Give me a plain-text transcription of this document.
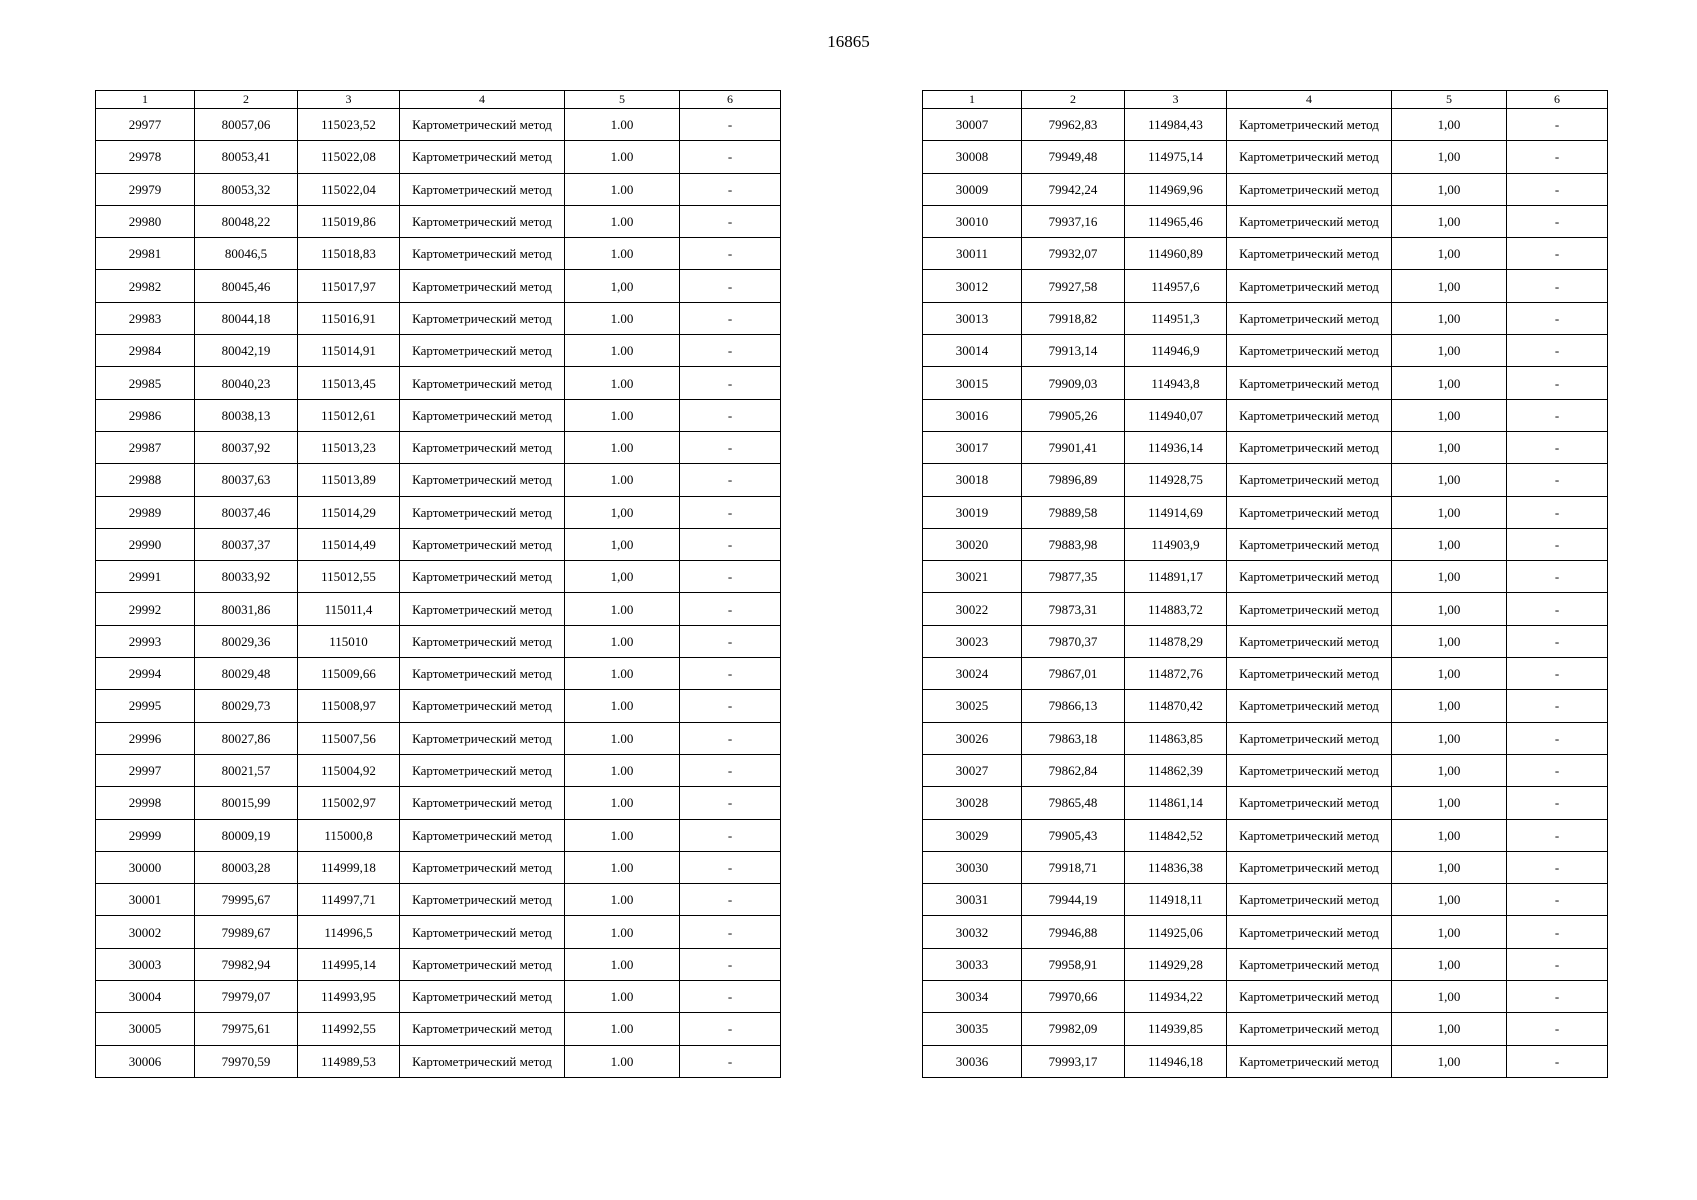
16865
1	2	3	4	5	6
29977	80057,06	115023,52	Картометрический метод	1.00	-
29978	80053,41	115022,08	Картометрический метод	1.00	-
29979	80053,32	115022,04	Картометрический метод	1.00	-
29980	80048,22	115019,86	Картометрический метод	1.00	-
29981	80046,5	115018,83	Картометрический метод	1.00	-
29982	80045,46	115017,97	Картометрический метод	1,00	-
29983	80044,18	115016,91	Картометрический метод	1.00	-
29984	80042,19	115014,91	Картометрический метод	1.00	-
29985	80040,23	115013,45	Картометрический метод	1.00	-
29986	80038,13	115012,61	Картометрический метод	1.00	-
29987	80037,92	115013,23	Картометрический метод	1.00	-
29988	80037,63	115013,89	Картометрический метод	1.00	-
29989	80037,46	115014,29	Картометрический метод	1,00	-
29990	80037,37	115014,49	Картометрический метод	1,00	-
29991	80033,92	115012,55	Картометрический метод	1,00	-
29992	80031,86	115011,4	Картометрический метод	1.00	-
29993	80029,36	115010	Картометрический метод	1.00	-
29994	80029,48	115009,66	Картометрический метод	1.00	-
29995	80029,73	115008,97	Картометрический метод	1.00	-
29996	80027,86	115007,56	Картометрический метод	1.00	-
29997	80021,57	115004,92	Картометрический метод	1.00	-
29998	80015,99	115002,97	Картометрический метод	1.00	-
29999	80009,19	115000,8	Картометрический метод	1.00	-
30000	80003,28	114999,18	Картометрический метод	1.00	-
30001	79995,67	114997,71	Картометрический метод	1.00	-
30002	79989,67	114996,5	Картометрический метод	1.00	-
30003	79982,94	114995,14	Картометрический метод	1.00	-
30004	79979,07	114993,95	Картометрический метод	1.00	-
30005	79975,61	114992,55	Картометрический метод	1.00	-
30006	79970,59	114989,53	Картометрический метод	1.00	-
1	2	3	4	5	6
30007	79962,83	114984,43	Картометрический метод	1,00	-
30008	79949,48	114975,14	Картометрический метод	1,00	-
30009	79942,24	114969,96	Картометрический метод	1,00	-
30010	79937,16	114965,46	Картометрический метод	1,00	-
30011	79932,07	114960,89	Картометрический метод	1,00	-
30012	79927,58	114957,6	Картометрический метод	1,00	-
30013	79918,82	114951,3	Картометрический метод	1,00	-
30014	79913,14	114946,9	Картометрический метод	1,00	-
30015	79909,03	114943,8	Картометрический метод	1,00	-
30016	79905,26	114940,07	Картометрический метод	1,00	-
30017	79901,41	114936,14	Картометрический метод	1,00	-
30018	79896,89	114928,75	Картометрический метод	1,00	-
30019	79889,58	114914,69	Картометрический метод	1,00	-
30020	79883,98	114903,9	Картометрический метод	1,00	-
30021	79877,35	114891,17	Картометрический метод	1,00	-
30022	79873,31	114883,72	Картометрический метод	1,00	-
30023	79870,37	114878,29	Картометрический метод	1,00	-
30024	79867,01	114872,76	Картометрический метод	1,00	-
30025	79866,13	114870,42	Картометрический метод	1,00	-
30026	79863,18	114863,85	Картометрический метод	1,00	-
30027	79862,84	114862,39	Картометрический метод	1,00	-
30028	79865,48	114861,14	Картометрический метод	1,00	-
30029	79905,43	114842,52	Картометрический метод	1,00	-
30030	79918,71	114836,38	Картометрический метод	1,00	-
30031	79944,19	114918,11	Картометрический метод	1,00	-
30032	79946,88	114925,06	Картометрический метод	1,00	-
30033	79958,91	114929,28	Картометрический метод	1,00	-
30034	79970,66	114934,22	Картометрический метод	1,00	-
30035	79982,09	114939,85	Картометрический метод	1,00	-
30036	79993,17	114946,18	Картометрический метод	1,00	-
